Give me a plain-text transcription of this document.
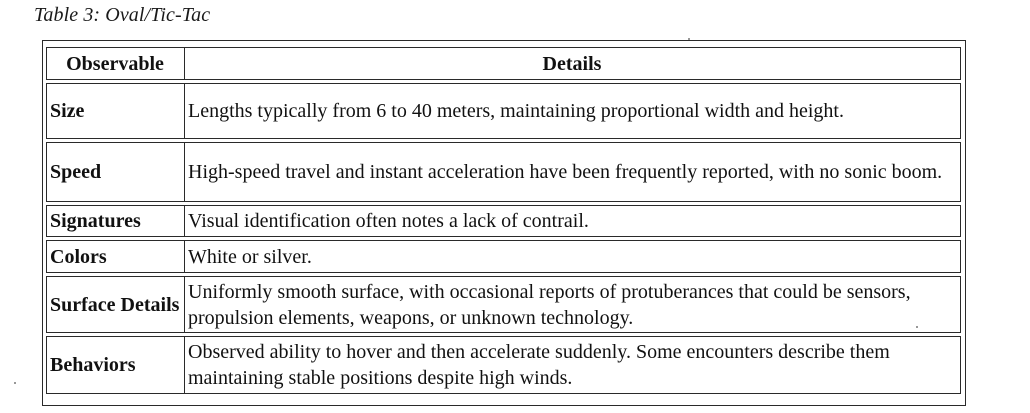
Table 3: Oval/Tic-Tac
Observable	Details
Size	Lengths typically from 6 to 40 meters, maintaining proportional width and height.
Speed	High-speed travel and instant acceleration have been frequently reported, with no sonic boom.
Signatures	Visual identification often notes a lack of contrail.
Colors	White or silver.
Surface Details	Uniformly smooth surface, with occasional reports of protuberances that could be sensors, propulsion elements, weapons, or unknown technology.
Behaviors	Observed ability to hover and then accelerate suddenly. Some encounters describe them maintaining stable positions despite high winds.
